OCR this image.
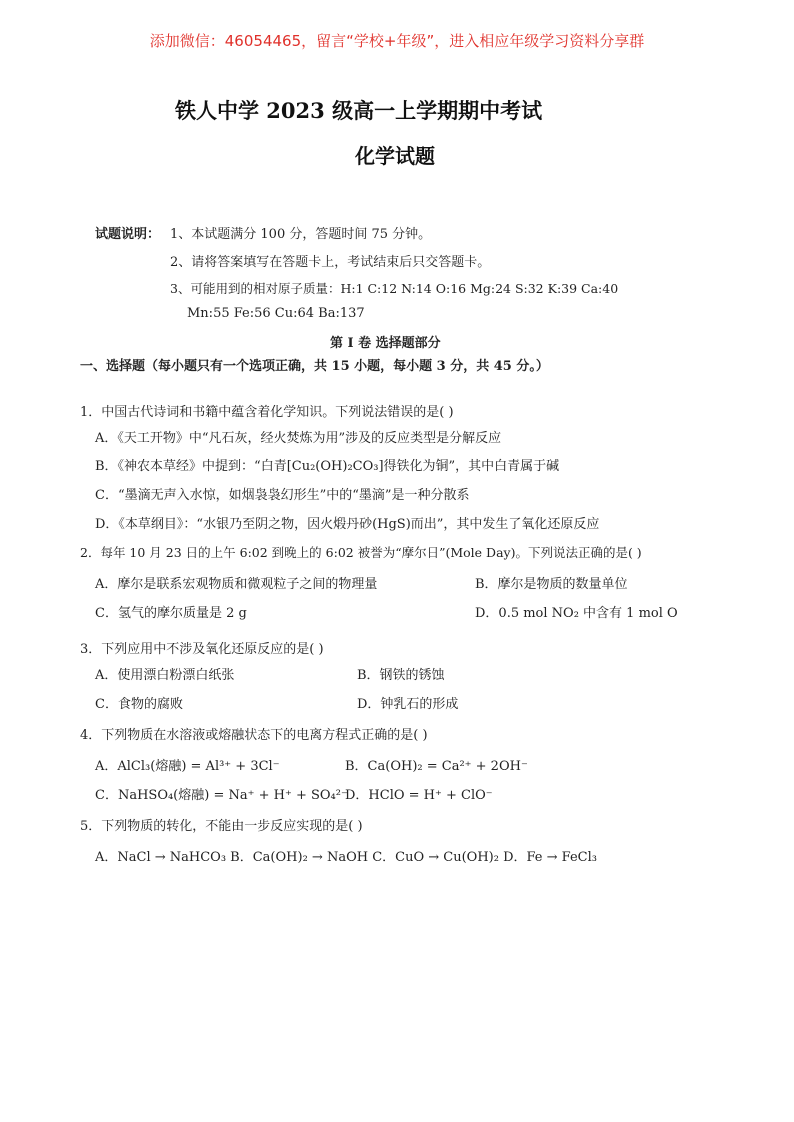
添加微信：46054465，留言“学校+年级”，进入相应年级学习资料分享群
铁人中学 2023 级高一上学期期中考试
化学试题
试题说明： 1、本试题满分 100 分，答题时间 75 分钟。
2、请将答案填写在答题卡上，考试结束后只交答题卡。
3、可能用到的相对原子质量：H:1 C:12 N:14 O:16 Mg:24 S:32 K:39 Ca:40
Mn:55 Fe:56 Cu:64 Ba:137
第 I 卷 选择题部分
一、选择题（每小题只有一个选项正确，共 15 小题，每小题 3 分，共 45 分。）
1．中国古代诗词和书籍中蕴含着化学知识。下列说法错误的是( )
A．《天工开物》中“凡石灰，经火焚炼为用”涉及的反应类型是分解反应
B．《神农本草经》中提到：“白青[Cu₂(OH)₂CO₃]得铁化为铜”，其中白青属于碱
C．“墨滴无声入水惊，如烟袅袅幻形生”中的“墨滴”是一种分散系
D．《本草纲目》：“水银乃至阴之物，因火煅丹砂(HgS)而出”，其中发生了氧化还原反应
2．每年 10 月 23 日的上午 6:02 到晚上的 6:02 被誉为“摩尔日”(Mole Day)。下列说法正确的是( )
A．摩尔是联系宏观物质和微观粒子之间的物理量	B．摩尔是物质的数量单位
C．氢气的摩尔质量是 2 g	D．0.5 mol NO₂ 中含有 1 mol O
3．下列应用中不涉及氧化还原反应的是( )
A．使用漂白粉漂白纸张	B．钢铁的锈蚀
C．食物的腐败	D．钟乳石的形成
4．下列物质在水溶液或熔融状态下的电离方程式正确的是( )
A．AlCl₃(熔融) = Al³⁺ + 3Cl⁻	B．Ca(OH)₂ = Ca²⁺ + 2OH⁻
C．NaHSO₄(熔融) = Na⁺ + H⁺ + SO₄²⁻
D．HClO = H⁺ + ClO⁻
5．下列物质的转化，不能由一步反应实现的是( )
A．NaCl → NaHCO₃ B．Ca(OH)₂ → NaOH C．CuO → Cu(OH)₂ D．Fe → FeCl₃
